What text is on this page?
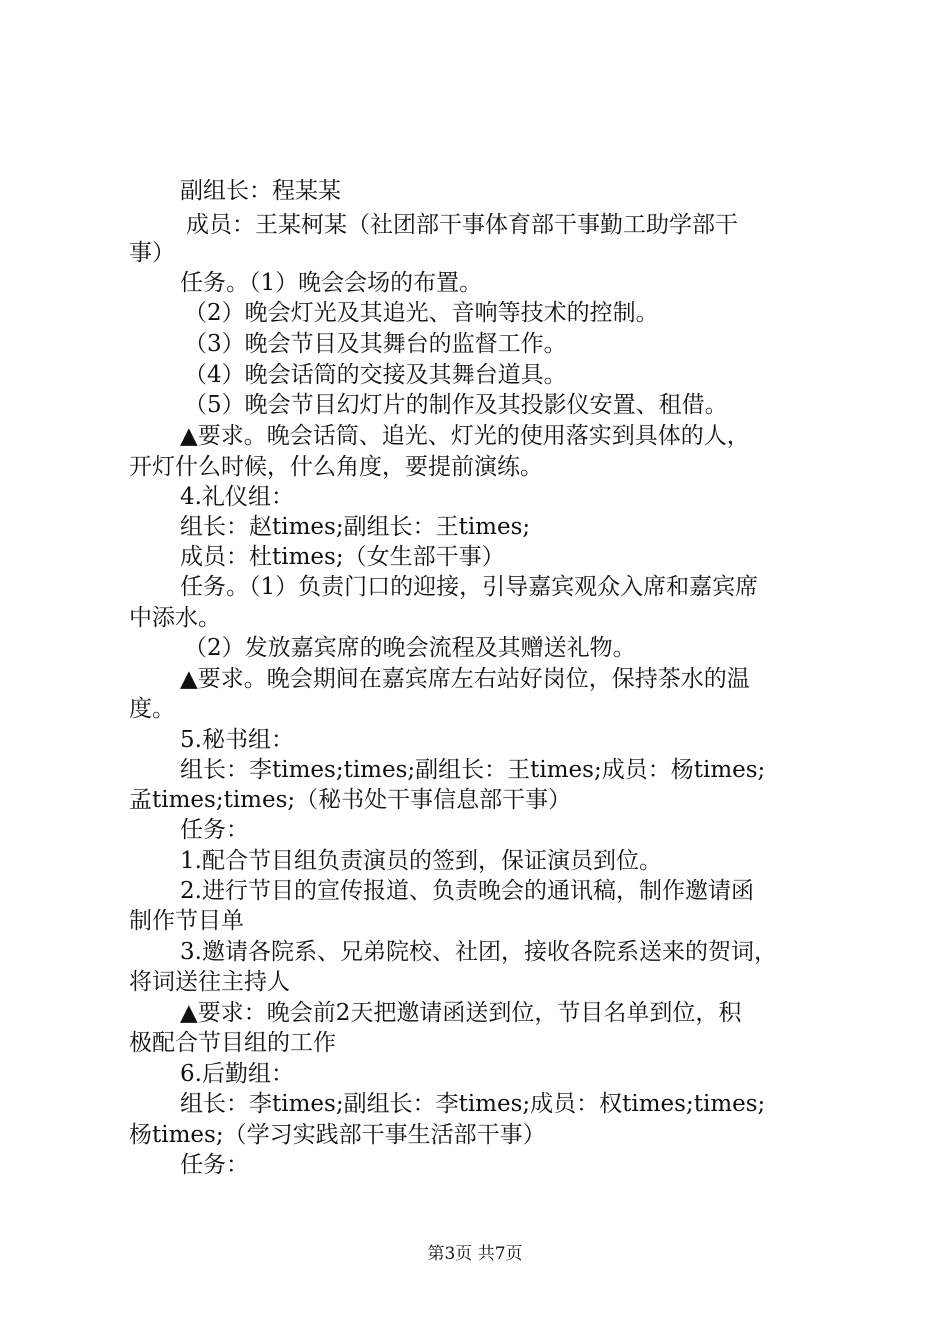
副组长：程某某
成员：王某柯某（社团部干事体育部干事勤工助学部干
事）
任务。（1）晚会会场的布置。
（2）晚会灯光及其追光、音响等技术的控制。
（3）晚会节目及其舞台的监督工作。
（4）晚会话筒的交接及其舞台道具。
（5）晚会节目幻灯片的制作及其投影仪安置、租借。
▲要求。晚会话筒、追光、灯光的使用落实到具体的人，
开灯什么时候，什么角度，要提前演练。
4.礼仪组：
组长：赵times;副组长：王times;
成员：杜times;（女生部干事）
任务。（1）负责门口的迎接，引导嘉宾观众入席和嘉宾席
中添水。
（2）发放嘉宾席的晚会流程及其赠送礼物。
▲要求。晚会期间在嘉宾席左右站好岗位，保持茶水的温
度。
5.秘书组：
组长：李times;times;副组长：王times;成员：杨times;
孟times;times;（秘书处干事信息部干事）
任务：
1.配合节目组负责演员的签到，保证演员到位。
2.进行节目的宣传报道、负责晚会的通讯稿，制作邀请函
制作节目单
3.邀请各院系、兄弟院校、社团，接收各院系送来的贺词，
将词送往主持人
▲要求：晚会前2天把邀请函送到位，节目名单到位，积
极配合节目组的工作
6.后勤组：
组长：李times;副组长：李times;成员：权times;times;
杨times;（学习实践部干事生活部干事）
任务：
第3页 共7页
